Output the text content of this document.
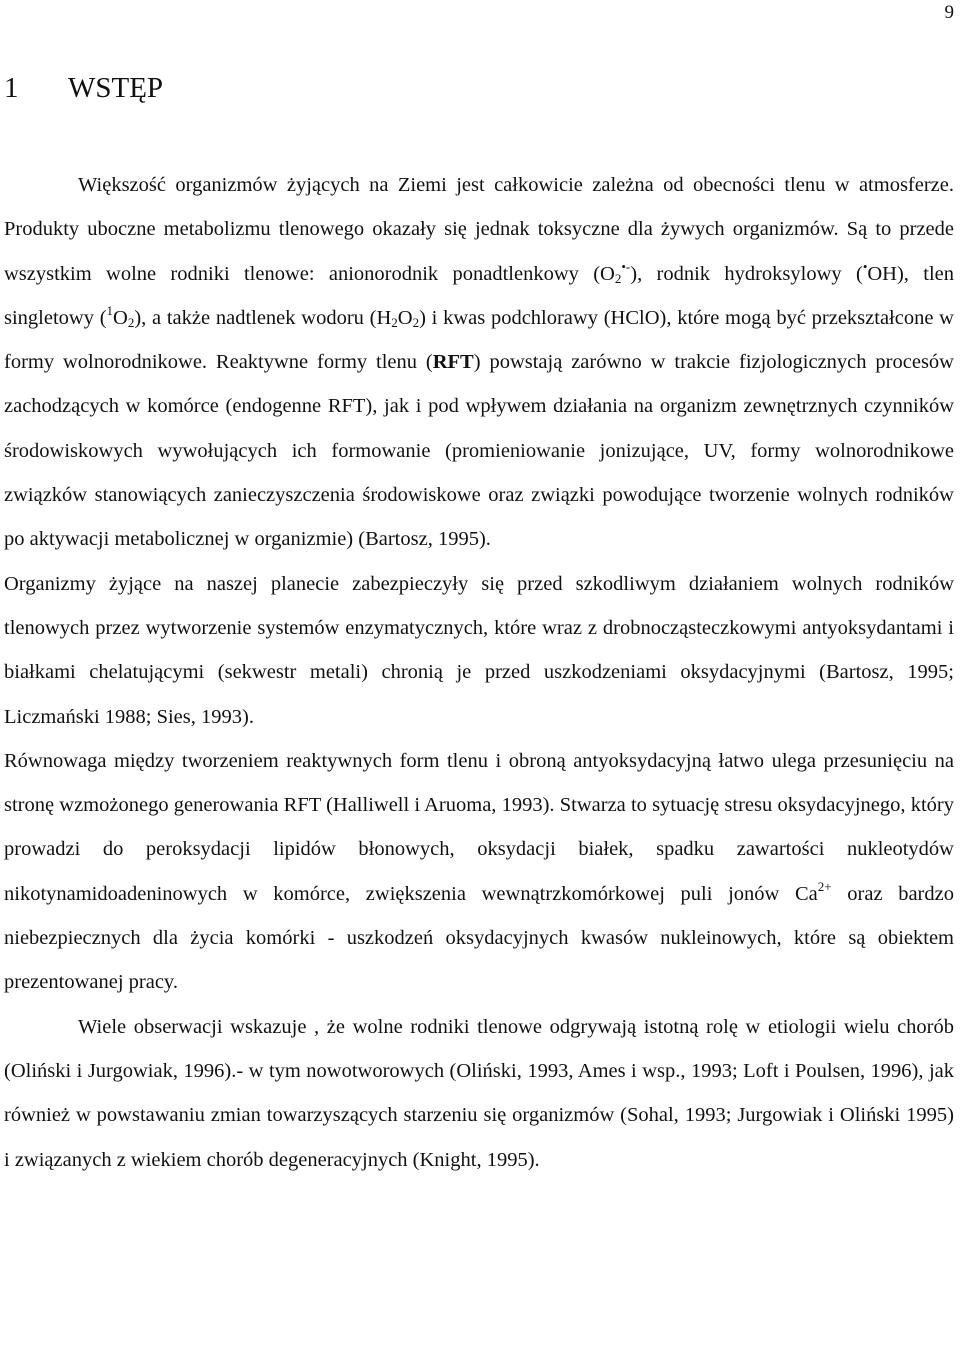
9
1 WSTĘP

Większość organizmów żyjących na Ziemi jest całkowicie zależna od obecności tlenu w atmosferze. Produkty uboczne metabolizmu tlenowego okazały się jednak toksyczne dla żywych organizmów. Są to przede wszystkim wolne rodniki tlenowe: anionorodnik ponadtlenkowy $(O_2^{•-})$, rodnik hydroksylowy (•OH), tlen singletowy $(^1O_2)$, a także nadtlenek wodoru $(H_2O_2)$ i kwas podchlorawy (HClO), które mogą być przekształcone w formy wolnorodnikowe. Reaktywne formy tlenu (RFT) powstają zarówno w trakcie fizjologicznych procesów zachodzących w komórce (endogenne RFT), jak i pod wpływem działania na organizm zewnętrznych czynników środowiskowych wywołujących ich formowanie (promieniowanie jonizujące, UV, formy wolnorodnikowe związków stanowiących zanieczyszczenia środowiskowe oraz związki powodujące tworzenie wolnych rodników po aktywacji metabolicznej w organizmie) (Bartosz, 1995).

Organizmy żyjące na naszej planecie zabezpieczyły się przed szkodliwym działaniem wolnych rodników tlenowych przez wytworzenie systemów enzymatycznych, które wraz z drobnocząsteczkowymi antyoksydantami i białkami chelatującymi (sekwestr metali) chronią je przed uszkodzeniami oksydacyjnymi (Bartosz, 1995; Liczmański 1988; Sies, 1993).

Równowaga między tworzeniem reaktywnych form tlenu i obroną antyoksydacyjną łatwo ulega przesunięciu na stronę wzmożonego generowania RFT (Halliwell i Aruoma, 1993). Stwarza to sytuację stresu oksydacyjnego, który prowadzi do peroksydacji lipidów błonowych, oksydacji białek, spadku zawartości nukleotydów nikotynamidoadeninowych w komórce, zwiększenia wewnątrzkomórkowej puli jonów $Ca^{2+}$ oraz bardzo niebezpiecznych dla życia komórki - uszkodzeń oksydacyjnych kwasów nukleinowych, które są obiektem prezentowanej pracy.

Wiele obserwacji wskazuje , że wolne rodniki tlenowe odgrywają istotną rolę w etiologii wielu chorób (Oliński i Jurgowiak, 1996).- w tym nowotworowych (Oliński, 1993, Ames i wsp., 1993; Loft i Poulsen, 1996), jak również w powstawaniu zmian towarzyszących starzeniu się organizmów (Sohal, 1993; Jurgowiak i Oliński 1995) i związanych z wiekiem chorób degeneracyjnych (Knight, 1995).
